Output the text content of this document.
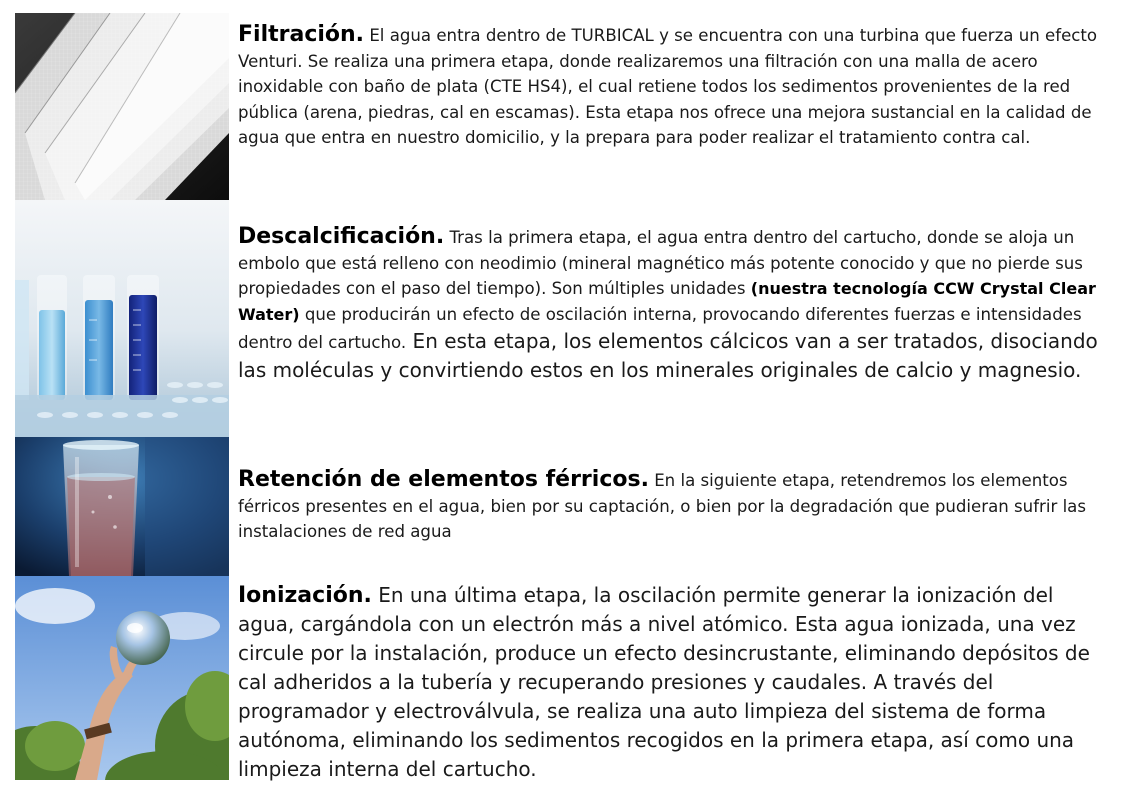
Filtración. El agua entra dentro de TURBICAL y se encuentra con una turbina que fuerza un efecto Venturi. Se realiza una primera etapa, donde realizaremos una filtración con una malla de acero inoxidable con baño de plata (CTE HS4), el cual retiene todos los sedimentos provenientes de la red pública (arena, piedras, cal en escamas). Esta etapa nos ofrece una mejora sustancial en la calidad de agua que entra en nuestro domicilio, y la prepara para poder realizar el tratamiento contra cal.
Descalcificación. Tras la primera etapa, el agua entra dentro del cartucho, donde se aloja un embolo que está relleno con neodimio (mineral magnético más potente conocido y que no pierde sus propiedades con el paso del tiempo). Son múltiples unidades (nuestra tecnología CCW Crystal Clear Water) que producirán un efecto de oscilación interna, provocando diferentes fuerzas e intensidades dentro del cartucho. En esta etapa, los elementos cálcicos van a ser tratados, disociando las moléculas y convirtiendo estos en los minerales originales de calcio y magnesio.
Retención de elementos férricos. En la siguiente etapa, retendremos los elementos férricos presentes en el agua, bien por su captación, o bien por la degradación que pudieran sufrir las instalaciones de red agua
Ionización. En una última etapa, la oscilación permite generar la ionización del agua, cargándola con un electrón más a nivel atómico. Esta agua ionizada, una vez circule por la instalación, produce un efecto desincrustante, eliminando depósitos de cal adheridos a la tubería y recuperando presiones y caudales. A través del programador y electroválvula, se realiza una auto limpieza del sistema de forma autónoma, eliminando los sedimentos recogidos en la primera etapa, así como una limpieza interna del cartucho.
